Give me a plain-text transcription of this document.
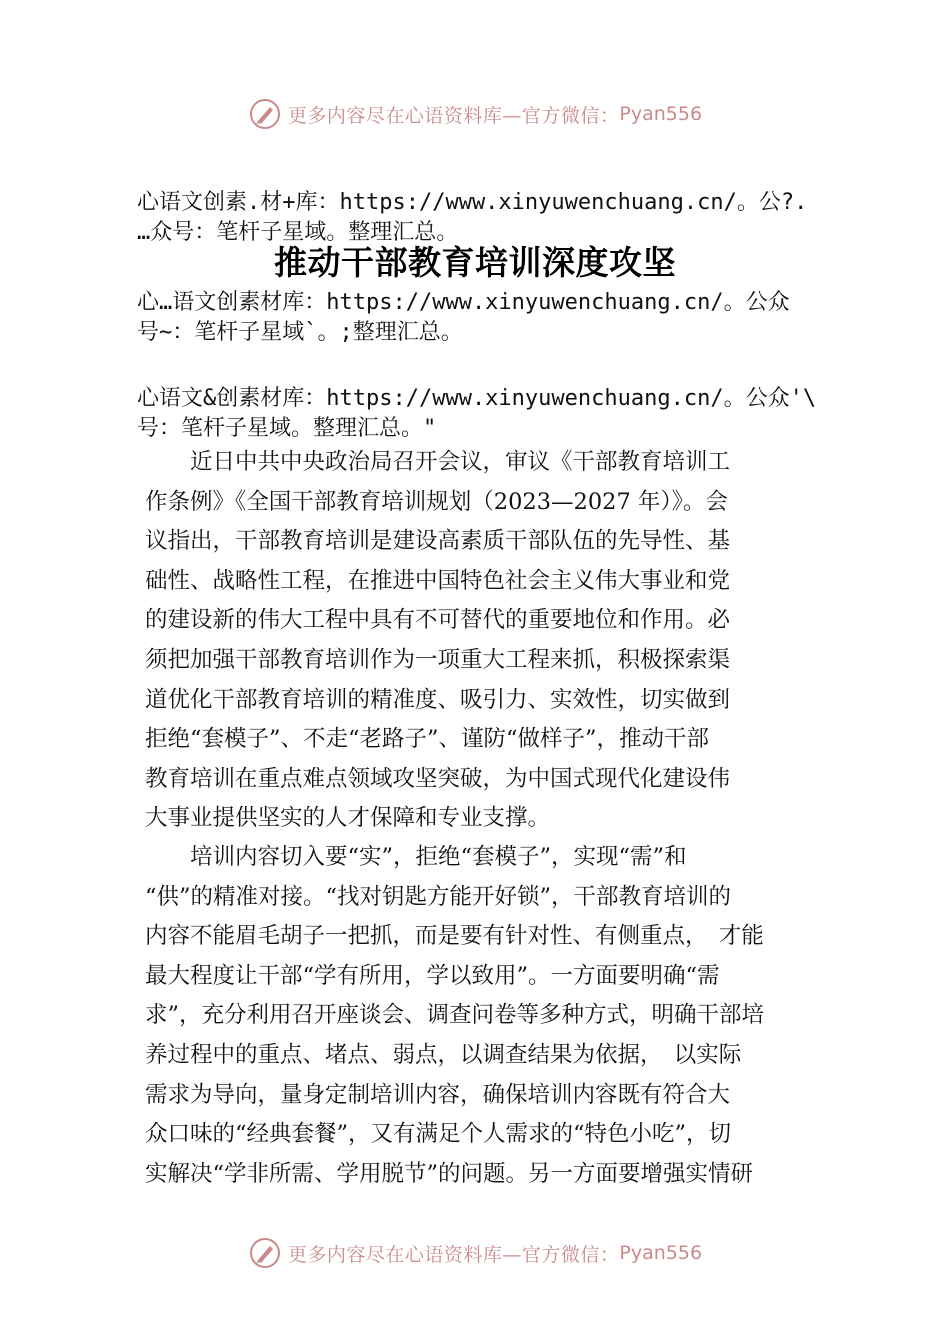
更多内容尽在心语资料库—官方微信： Pyan556
心语文创素.材+库：https://www.xinyuwenchuang.cn/。公?.
…众号：笔杆子星域。整理汇总。
推动干部教育培训深度攻坚
心…语文创素材库：https://www.xinyuwenchuang.cn/。公众
号~：笔杆子星域`。;整理汇总。
心语文&创素材库：https://www.xinyuwenchuang.cn/。公众'\
号：笔杆子星域。整理汇总。"
　　近日中共中央政治局召开会议，审议《干部教育培训工
作条例》《全国干部教育培训规划（2023—2027 年）》。会
议指出，干部教育培训是建设高素质干部队伍的先导性、基
础性、战略性工程，在推进中国特色社会主义伟大事业和党
的建设新的伟大工程中具有不可替代的重要地位和作用。必
须把加强干部教育培训作为一项重大工程来抓，积极探索渠
道优化干部教育培训的精准度、吸引力、实效性，切实做到
拒绝“套模子”、不走“老路子”、谨防“做样子”，推动干部
教育培训在重点难点领域攻坚突破，为中国式现代化建设伟
大事业提供坚实的人才保障和专业支撑。
　　培训内容切入要“实”，拒绝“套模子”，实现“需”和
“供”的精准对接。“找对钥匙方能开好锁”，干部教育培训的
内容不能眉毛胡子一把抓，而是要有针对性、有侧重点，　才能
最大程度让干部“学有所用，学以致用”。一方面要明确“需
求”，充分利用召开座谈会、调查问卷等多种方式，明确干部培
养过程中的重点、堵点、弱点，以调查结果为依据，　以实际
需求为导向，量身定制培训内容，确保培训内容既有符合大
众口味的“经典套餐”，又有满足个人需求的“特色小吃”，切
实解决“学非所需、学用脱节”的问题。另一方面要增强实情研
更多内容尽在心语资料库—官方微信： Pyan556
